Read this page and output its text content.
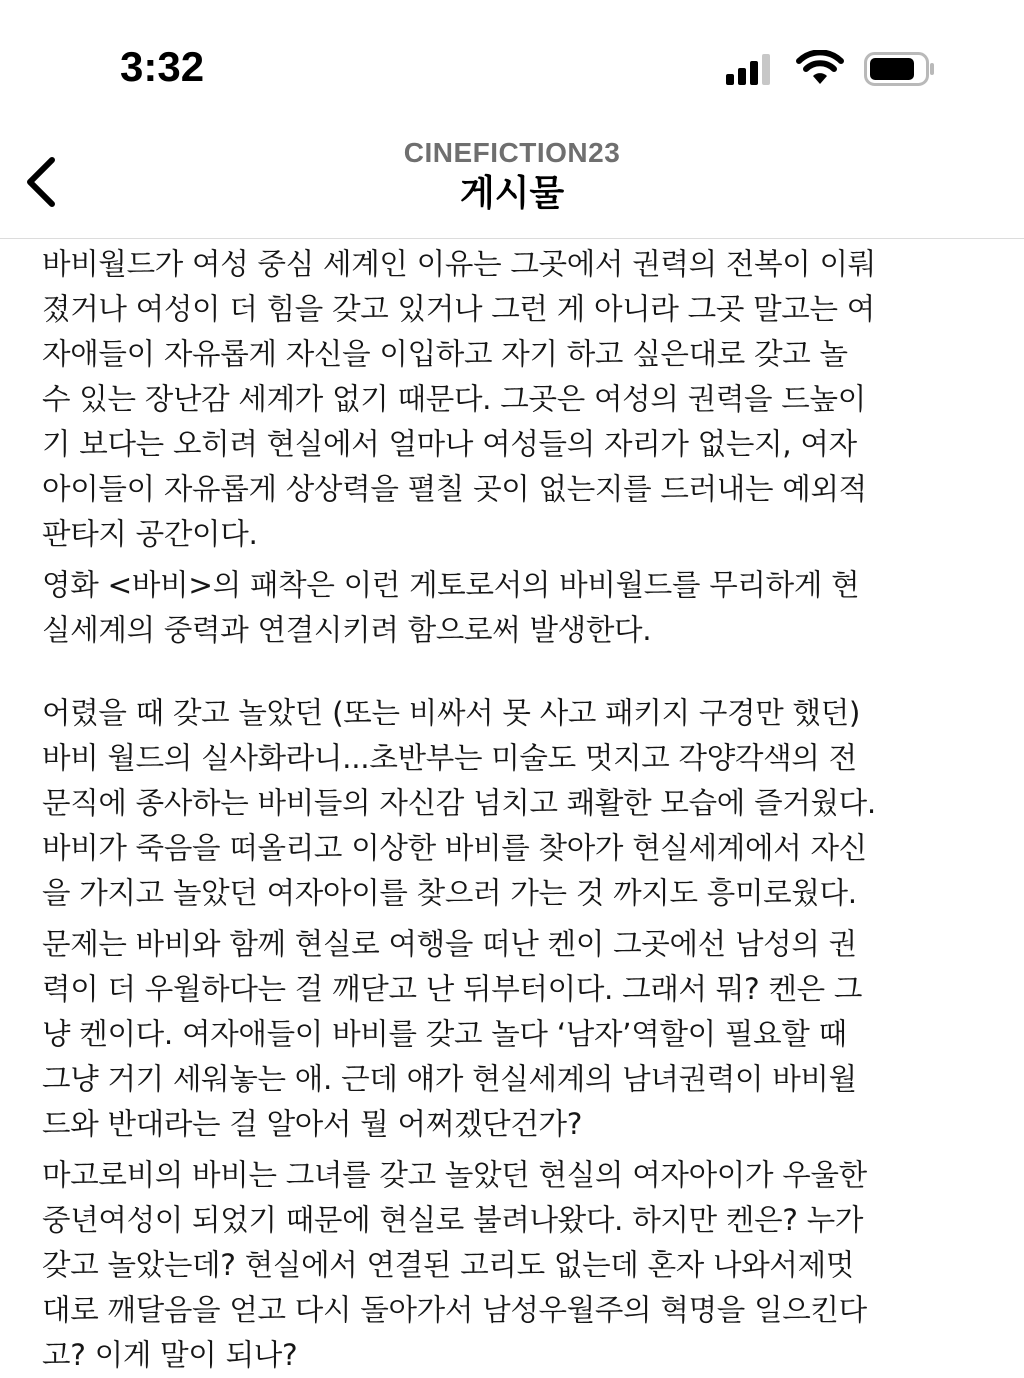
3:32
CINEFICTION23
게시물
바비월드가 여성 중심 세계인 이유는 그곳에서 권력의 전복이 이뤄
졌거나 여성이 더 힘을 갖고 있거나 그런 게 아니라 그곳 말고는 여
자애들이 자유롭게 자신을 이입하고 자기 하고 싶은대로 갖고 놀
수 있는 장난감 세계가 없기 때문다. 그곳은 여성의 권력을 드높이
기 보다는 오히려 현실에서 얼마나 여성들의 자리가 없는지, 여자
아이들이 자유롭게 상상력을 펼칠 곳이 없는지를 드러내는 예외적
판타지 공간이다.
영화 <바비>의 패착은 이런 게토로서의 바비월드를 무리하게 현
실세계의 중력과 연결시키려 함으로써 발생한다.
어렸을 때 갖고 놀았던 (또는 비싸서 못 사고 패키지 구경만 했던)
바비 월드의 실사화라니...초반부는 미술도 멋지고 각양각색의 전
문직에 종사하는 바비들의 자신감 넘치고 쾌활한 모습에 즐거웠다.
바비가 죽음을 떠올리고 이상한 바비를 찾아가 현실세계에서 자신
을 가지고 놀았던 여자아이를 찾으러 가는 것 까지도 흥미로웠다.
문제는 바비와 함께 현실로 여행을 떠난 켄이 그곳에선 남성의 권
력이 더 우월하다는 걸 깨닫고 난 뒤부터이다. 그래서 뭐? 켄은 그
냥 켄이다. 여자애들이 바비를 갖고 놀다 ‘남자’역할이 필요할 때
그냥 거기 세워놓는 애. 근데 얘가 현실세계의 남녀권력이 바비월
드와 반대라는 걸 알아서 뭘 어쩌겠단건가?
마고로비의 바비는 그녀를 갖고 놀았던 현실의 여자아이가 우울한
중년여성이 되었기 때문에 현실로 불려나왔다. 하지만 켄은? 누가
갖고 놀았는데? 현실에서 연결된 고리도 없는데 혼자 나와서제멋
대로 깨달음을 얻고 다시 돌아가서 남성우월주의 혁명을 일으킨다
고? 이게 말이 되나?
